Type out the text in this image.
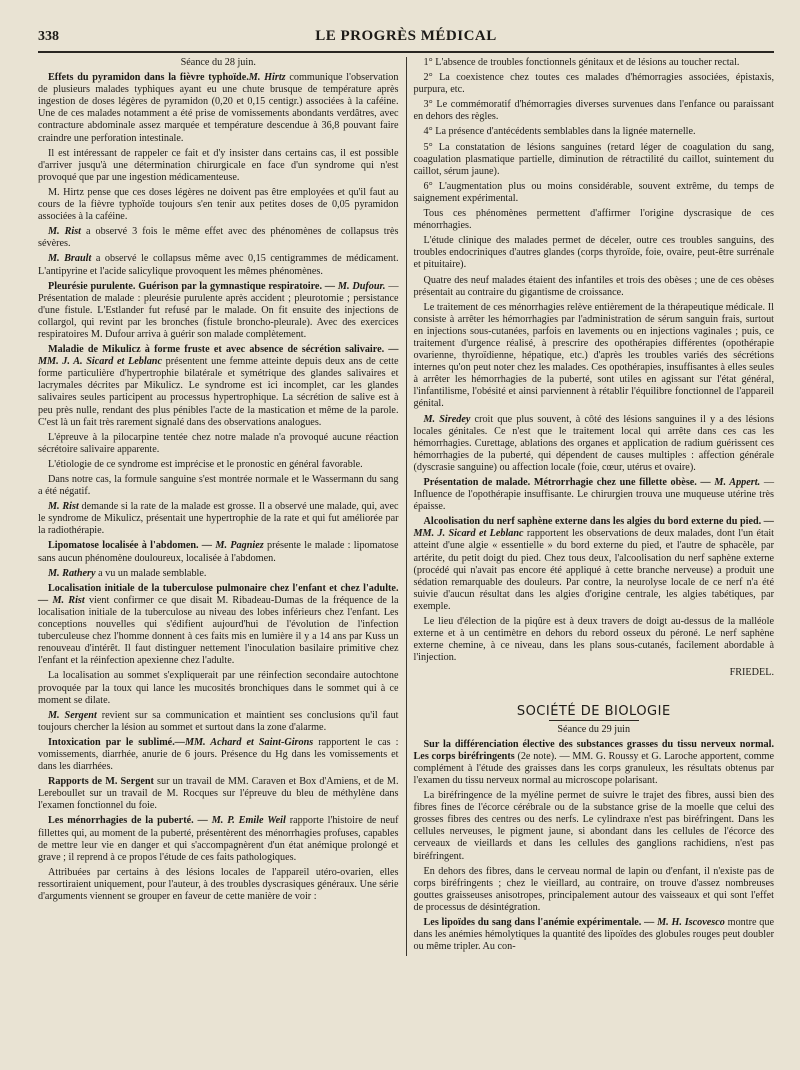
338	LE PROGRÈS MÉDICAL

Séance du 28 juin.

Effets du pyramidon dans la fièvre typhoïde.M. Hirtz communique l'observation de plusieurs malades typhiques ayant eu une chute brusque de température après ingestion de doses légères de pyramidon (0,20 et 0,15 centigr.) associées à la caféine. Une de ces malades notamment a été prise de vomissements abondants verdâtres, avec contracture abdominale assez marquée et température descendue à 36,8 pouvant faire craindre une perforation intestinale.

Il est intéressant de rappeler ce fait et d'y insister dans certains cas, il est possible d'arriver jusqu'à une détermination chirurgicale en face d'un syndrome qui n'est provoqué que par une ingestion médicamenteuse.

M. Hirtz pense que ces doses légères ne doivent pas être employées et qu'il faut au cours de la fièvre typhoïde toujours s'en tenir aux petites doses de 0,05 pyramidon associées à la caféine.

M. Rist a observé 3 fois le même effet avec des phénomènes de collapsus très sévères.

M. Brault a observé le collapsus même avec 0,15 centigrammes de médicament. L'antipyrine et l'acide salicylique provoquent les mêmes phénomènes.

Pleurésie purulente. Guérison par la gymnastique respiratoire. — M. Dufour. — Présentation de malade : pleurésie purulente après accident ; pleurotomie ; persistance d'une fistule. L'Estlander fut refusé par le malade. On fit ensuite des injections de collargol, qui revint par les bronches (fistule broncho-pleurale). Avec des exercices respiratoires M. Dufour arriva à guérir son malade complètement.

Maladie de Mikulicz à forme fruste et avec absence de sécrétion salivaire. — MM. J. A. Sicard et Leblanc présentent une femme atteinte depuis deux ans de cette forme particulière d'hypertrophie bilatérale et symétrique des glandes salivaires et lacrymales décrites par Mikulicz. Le syndrome est ici incomplet, car les glandes salivaires seules participent au processus hypertrophique. La sécrétion de salive est à peu près nulle, rendant des plus pénibles l'acte de la mastication et même de la parole. C'est là un fait très rarement signalé dans des observations analogues.

L'épreuve à la pilocarpine tentée chez notre malade n'a provoqué aucune réaction sécrétoire salivaire apparente.

L'étiologie de ce syndrome est imprécise et le pronostic en général favorable.

Dans notre cas, la formule sanguine s'est montrée normale et le Wassermann du sang a été négatif.

M. Rist demande si la rate de la malade est grosse. Il a observé une malade, qui, avec le syndrome de Mikulicz, présentait une hypertrophie de la rate et qui fut améliorée par la radiothérapie.

Lipomatose localisée à l'abdomen. — M. Pagniez présente le malade : lipomatose sans aucun phénomène douloureux, localisée à l'abdomen.

M. Rathery a vu un malade semblable.

Localisation initiale de la tuberculose pulmonaire chez l'enfant et chez l'adulte. — M. Rist vient confirmer ce que disait M. Ribadeau-Dumas de la fréquence de la localisation initiale de la tuberculose au niveau des lobes inférieurs chez l'enfant. Les conceptions nouvelles qui s'édifient aujourd'hui de l'évolution de l'infection tuberculeuse chez l'homme donnent à ces faits mis en lumière il y a 14 ans par Kuss un renouveau d'intérêt. Il faut distinguer nettement l'inoculation basilaire primitive chez l'enfant et la réinfection apexienne chez l'adulte.

La localisation au sommet s'expliquerait par une réinfection secondaire autochtone provoquée par la toux qui lance les mucosités bronchiques dans le sommet qui à ce moment se dilate.

M. Sergent revient sur sa communication et maintient ses conclusions qu'il faut toujours chercher la lésion au sommet et surtout dans la zone d'alarme.

Intoxication par le sublimé.—MM. Achard et Saint-Girons rapportent le cas : vomissements, diarrhée, anurie de 6 jours. Présence du Hg dans les vomissements et dans les diarrhées.

Rapports de M. Sergent sur un travail de MM. Caraven et Box d'Amiens, et de M. Lereboullet sur un travail de M. Rocques sur l'épreuve du bleu de méthylène dans l'examen fonctionnel du foie.

Les ménorrhagies de la puberté. — M. P. Emile Weil rapporte l'histoire de neuf fillettes qui, au moment de la puberté, présentèrent des ménorrhagies profuses, capables de mettre leur vie en danger et qui s'accompagnèrent d'un état anémique prolongé et grave ; il reprend à ce propos l'étude de ces faits pathologiques.

Attribuées par certains à des lésions locales de l'appareil utéro-ovarien, elles ressortiraient uniquement, pour l'auteur, à des troubles dyscrasiques généraux. Une série d'arguments viennent se grouper en faveur de cette manière de voir :

1° L'absence de troubles fonctionnels génitaux et de lésions au toucher rectal.

2° La coexistence chez toutes ces malades d'hémorragies associées, épistaxis, purpura, etc.

3° Le commémoratif d'hémorragies diverses survenues dans l'enfance ou paraissant en dehors des règles.

4° La présence d'antécédents semblables dans la lignée maternelle.

5° La constatation de lésions sanguines (retard léger de coagulation du sang, coagulation plasmatique partielle, diminution de rétractilité du caillot, suintement du caillot, sérum jaune).

6° L'augmentation plus ou moins considérable, souvent extrême, du temps de saignement expérimental.

Tous ces phénomènes permettent d'affirmer l'origine dyscrasique de ces ménorrhagies.

L'étude clinique des malades permet de déceler, outre ces troubles sanguins, des troubles endocriniques d'autres glandes (corps thyroïde, foie, ovaire, peut-être surrénale et pituitaire).

Quatre des neuf malades étaient des infantiles et trois des obèses ; une de ces obèses présentait au contraire du gigantisme de croissance.

Le traitement de ces ménorrhagies relève entièrement de la thérapeutique médicale. Il consiste à arrêter les hémorrhagies par l'administration de sérum sanguin frais, surtout en injections sous-cutanées, parfois en lavements ou en injections vaginales ; puis, ce traitement d'urgence réalisé, à prescrire des opothérapies différentes (opothérapie ovarienne, thyroïdienne, hépatique, etc.) d'après les troubles variés des sécrétions internes qu'on peut noter chez les malades. Ces opothérapies, insuffisantes à elles seules à arrêter les hémorrhagies de la puberté, sont utiles en agissant sur l'état général, l'infantilisme, l'obésité et ainsi parviennent à rétablir l'équilibre fonctionnel de l'appareil génital.

M. Siredey croit que plus souvent, à côté des lésions sanguines il y a des lésions locales génitales. Ce n'est que le traitement local qui arrête dans ces cas les hémorrhagies. Curettage, ablations des organes et application de radium guérissent ces hémorrhagies de la puberté, qui dépendent de causes multiples : affection générale (dyscrasie sanguine) ou affection locale (foie, cœur, utérus et ovaire).

Présentation de malade. Métrorrhagie chez une fillette obèse. — M. Appert. — Influence de l'opothérapie insuffisante. Le chirurgien trouva une muqueuse utérine très épaisse.

Alcoolisation du nerf saphène externe dans les algies du bord externe du pied. — MM. J. Sicard et Leblanc rapportent les observations de deux malades, dont l'un était atteint d'une algie « essentielle » du bord externe du pied, et l'autre de sphacèle, par artérite, du petit doigt du pied. Chez tous deux, l'alcoolisation du nerf saphène externe (procédé qui n'avait pas encore été appliqué à cette branche nerveuse) a produit une sédation remarquable des douleurs. Par contre, la neurolyse locale de ce nerf n'a été suivie d'aucun résultat dans les algies d'origine centrale, les algies tabétiques, par exemple.

Le lieu d'élection de la piqûre est à deux travers de doigt au-dessus de la malléole externe et à un centimètre en dehors du rebord osseux du péroné. Le nerf saphène externe chemine, à ce niveau, dans les plans sous-cutanés, facilement abordable à l'injection.

FRIEDEL.

SOCIÉTÉ DE BIOLOGIE

Séance du 29 juin

Sur la différenciation élective des substances grasses du tissu nerveux normal. Les corps biréfringents (2e note). — MM. G. Roussy et G. Laroche apportent, comme complément à l'étude des graisses dans les corps granuleux, les résultats obtenus par l'examen du tissu nerveux normal au microscope polarisant.

La biréfringence de la myéline permet de suivre le trajet des fibres, aussi bien des fibres fines de l'écorce cérébrale ou de la substance grise de la moelle que celui des grosses fibres des centres ou des nerfs. Le cylindraxe n'est pas biréfringent. Dans les cellules nerveuses, le pigment jaune, si abondant dans les cellules de l'écorce des cerveaux de vieillards et dans les cellules des ganglions rachidiens, n'est pas biréfringent.

En dehors des fibres, dans le cerveau normal de lapin ou d'enfant, il n'existe pas de corps biréfringents ; chez le vieillard, au contraire, on trouve d'assez nombreuses gouttes graisseuses anisotropes, principalement autour des vaisseaux et qui sont l'effet de processus de désintégration.

Les lipoïdes du sang dans l'anémie expérimentale. — M. H. Iscovesco montre que dans les anémies hémolytiques la quantité des lipoïdes des globules rouges peut doubler ou même tripler. Au con-
